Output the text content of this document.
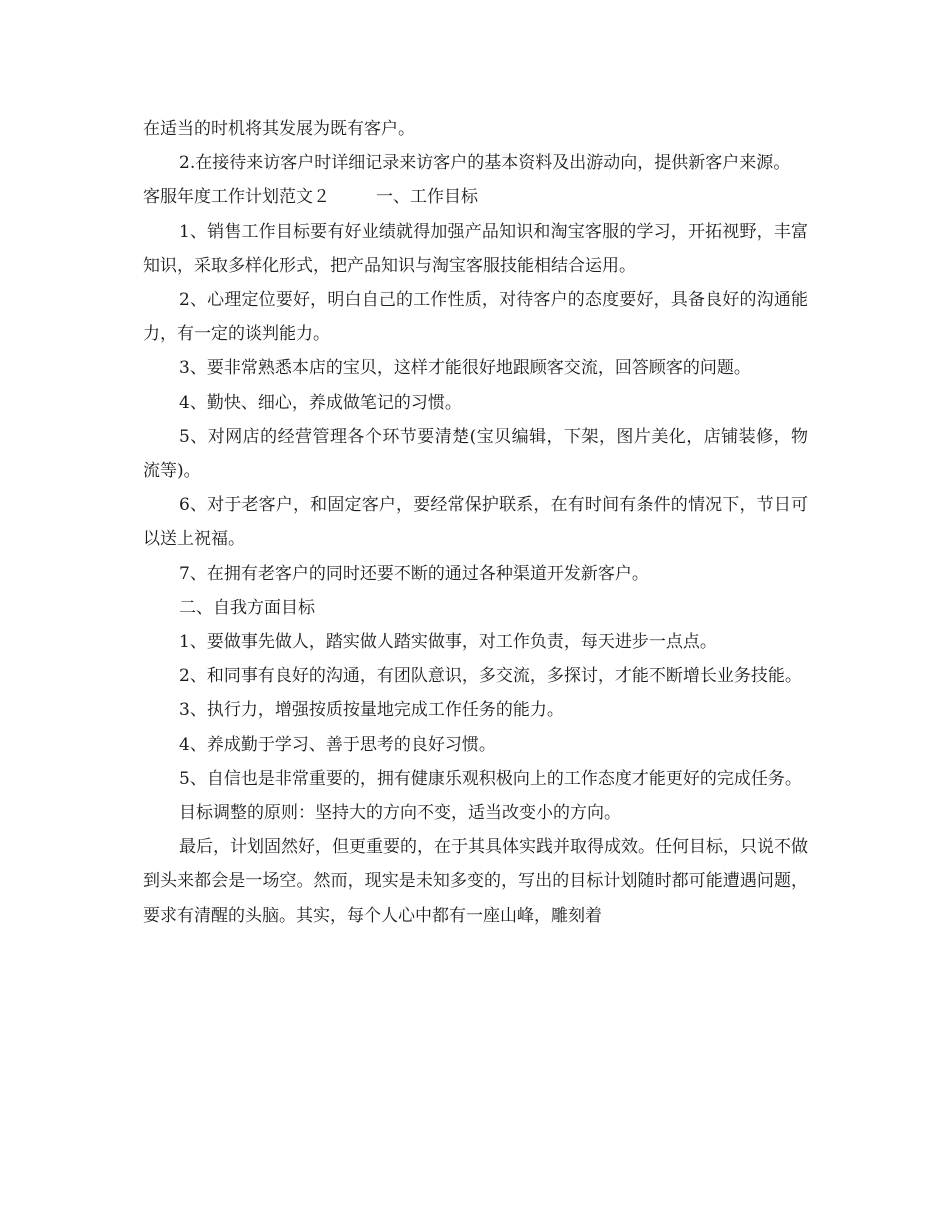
在适当的时机将其发展为既有客户。

2.在接待来访客户时详细记录来访客户的基本资料及出游动向，提供新客户来源。

客服年度工作计划范文２	一、工作目标

1、销售工作目标要有好业绩就得加强产品知识和淘宝客服的学习，开拓视野，丰富知识，采取多样化形式，把产品知识与淘宝客服技能相结合运用。

2、心理定位要好，明白自己的工作性质，对待客户的态度要好，具备良好的沟通能力，有一定的谈判能力。

3、要非常熟悉本店的宝贝，这样才能很好地跟顾客交流，回答顾客的问题。

4、勤快、细心，养成做笔记的习惯。

5、对网店的经营管理各个环节要清楚(宝贝编辑，下架，图片美化，店铺装修，物流等)。

6、对于老客户，和固定客户，要经常保护联系，在有时间有条件的情况下，节日可以送上祝福。

7、在拥有老客户的同时还要不断的通过各种渠道开发新客户。

二、自我方面目标

1、要做事先做人，踏实做人踏实做事，对工作负责，每天进步一点点。

2、和同事有良好的沟通，有团队意识，多交流，多探讨，才能不断增长业务技能。

3、执行力，增强按质按量地完成工作任务的能力。

4、养成勤于学习、善于思考的良好习惯。

5、自信也是非常重要的，拥有健康乐观积极向上的工作态度才能更好的完成任务。

目标调整的原则：坚持大的方向不变，适当改变小的方向。

最后，计划固然好，但更重要的，在于其具体实践并取得成效。任何目标，只说不做到头来都会是一场空。然而，现实是未知多变的，写出的目标计划随时都可能遭遇问题，要求有清醒的头脑。其实，每个人心中都有一座山峰，雕刻着
